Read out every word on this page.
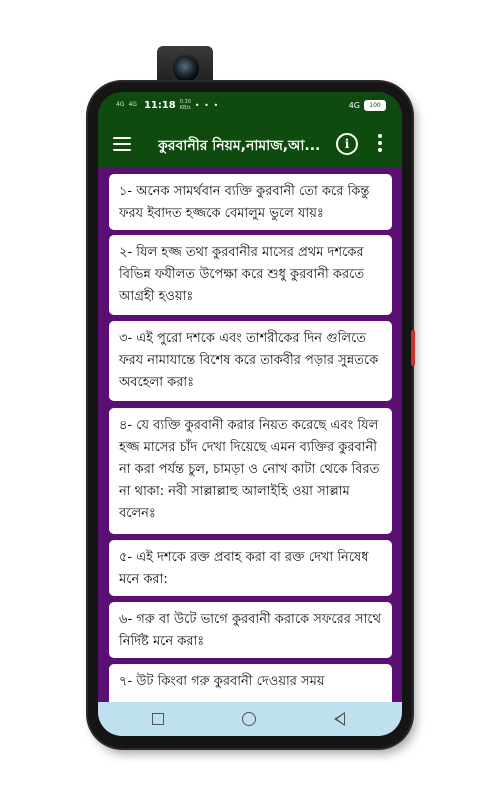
4G 4G 11:18 0.30
KB/s • • •	4G	100
কুরবানীর নিয়ম,নামাজ,আ...	i
১- অনেক সামর্থবান ব্যক্তি কুরবানী তো করে কিন্তু ফরয ইবাদত হজ্জকে বেমালুম ভুলে যায়ঃ
২- যিল হজ্জ তথা কুরবানীর মাসের প্রথম দশকের বিভিন্ন ফযীলত উপেক্ষা করে শুধু কুরবানী করতে আগ্রহী হওয়াঃ
৩- এই পুরো দশকে এবং তাশরীকের দিন গুলিতে ফরয নামাযান্তে বিশেষ করে তাকবীর পড়ার সুন্নতকে অবহেলা করাঃ
৪- যে ব্যক্তি কুরবানী করার নিয়ত করেছে এবং যিল হজ্জ মাসের চাঁদ দেখা দিয়েছে এমন ব্যক্তির কুরবানী না করা পর্যন্ত চুল, চামড়া ও নোখ কাটা থেকে বিরত না থাকা: নবী সাল্লাল্লাহু আলাইহি ওয়া সাল্লাম বলেনঃ
৫- এই দশকে রক্ত প্রবাহ করা বা রক্ত দেখা নিষেধ মনে করা:
৬- গরু বা উটে ভাগে কুরবানী করাকে সফরের সাথে নির্দিষ্ট মনে করাঃ
৭- উট কিংবা গরু কুরবানী দেওয়ার সময়
